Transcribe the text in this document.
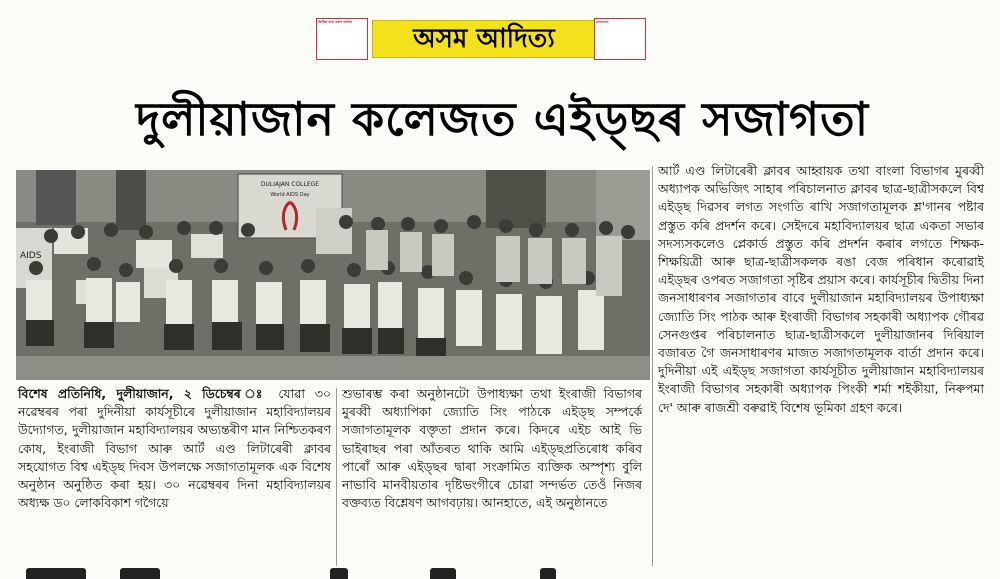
দিনৰীয়া বাৰ্তা প্ৰকাশ আদিত্য
অসম আদিত্য
যোগাযোগ
দুলীয়াজান কলেজত এইড্‌ছৰ সজাগতা
DULIAJAN COLLEGE
World AIDS Day
AIDS

বিশেষ প্ৰতিনিধি, দুলীয়াজান, ২ ডিচেম্বৰ ঃ যোৱা ৩০ নৱেম্বৰৰ পৰা দুদিনীয়া কাৰ্যসূচীৰে দুলীয়াজান মহাবিদ্যালয়ৰ উদ্যোগত, দুলীয়াজান মহাবিদ্যালয়ৰ অভ্যন্তৰীণ মান নিশ্চিতকৰণ কোষ, ইংৰাজী বিভাগ আৰু আৰ্ট এণ্ড লিটাৰেৰী ক্লাবৰ সহযোগত বিশ্ব এইড্‌ছ দিবস উপলক্ষে সজাগতামূলক এক বিশেষ অনুষ্ঠান অনুষ্ঠিত কৰা হয়। ৩০ নৱেম্বৰৰ দিনা মহাবিদ্যালয়ৰ অধ্যক্ষ ড০ লোকবিকাশ গগৈয়ে

শুভাৰম্ভ কৰা অনুষ্ঠানটো উপাধ্যক্ষা তথা ইংৰাজী বিভাগৰ মুৰব্বী অধ্যাপিকা জ্যোতি সিং পাঠকে এইড্‌ছ সম্পৰ্কে সজাগতামূলক বক্তৃতা প্ৰদান কৰে। কিদৰে এইচ আই ভি ভাইৰাছৰ পৰা আঁতৰত থাকি আমি এইড্‌ছপ্ৰতিৰোধ কৰিব পাৰোঁ আৰু এইড্‌ছৰ দ্বাৰা সংক্ৰামিত ব্যক্তিক অস্পৃশ্য বুলি নাভাবি মানবীয়তাৰ দৃষ্টিভংগীৰে চোৱা সন্দৰ্ভত তেওঁ নিজৰ বক্তব্যত বিশ্লেষণ আগবঢ়ায়। আনহাতে, এই অনুষ্ঠানতে

আৰ্ট এণ্ড লিটাৰেৰী ক্লাবৰ আহ্বায়ক তথা বাংলা বিভাগৰ মুৰব্বী অধ্যাপক অভিজিৎ সাহাৰ পৰিচালনাত ক্লাবৰ ছাত্ৰ-ছাত্ৰীসকলে বিশ্ব এইড্‌ছ দিৱসৰ লগত সংগতি ৰাখি সজাগতামূলক শ্ল'গানৰ পষ্টাৰ প্ৰস্তুত কৰি প্ৰদৰ্শন কৰে। সেইদৰে মহাবিদ্যালয়ৰ ছাত্ৰ একতা সভাৰ সদস্যসকলেও প্লেকাৰ্ড প্ৰস্তুত কৰি প্ৰদৰ্শন কৰাৰ লগতে শিক্ষক-শিক্ষয়িত্ৰী আৰু ছাত্ৰ-ছাত্ৰীসকলক ৰঙা বেজ পৰিধান কৰোৱাই এইড্‌ছৰ ওপৰত সজাগতা সৃষ্টিৰ প্ৰয়াস কৰে। কাৰ্যসূচীৰ দ্বিতীয় দিনা জনসাধাৰণৰ সজাগতাৰ বাবে দুলীয়াজান মহাবিদ্যালয়ৰ উপাধ্যক্ষা জ্যোতি সিং পাঠক আৰু ইংৰাজী বিভাগৰ সহকাৰী অধ্যাপক গৌৰৱ সেনগুপ্তৰ পৰিচালনাত ছাত্ৰ-ছাত্ৰীসকলে দুলীয়াজানৰ দিৰিয়াল বজাৰত গৈ জনসাধাৰণৰ মাজত সজাগতামূলক বাৰ্তা প্ৰদান কৰে। দুদিনীয়া এই এইড্‌ছ সজাগতা কাৰ্যসূচীত দুলীয়াজান মহাবিদ্যালয়ৰ ইংৰাজী বিভাগৰ সহকাৰী অধ্যাপক পিংকী শৰ্মা শইকীয়া, নিৰুপমা দে' আৰু ৰাজশ্ৰী বৰুৱাই বিশেষ ভূমিকা গ্ৰহণ কৰে।
